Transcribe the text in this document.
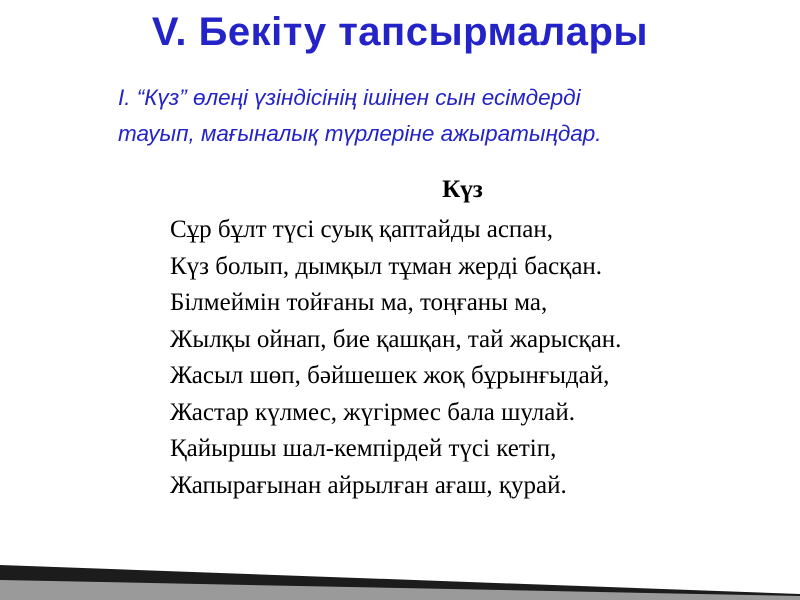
V. Бекіту тапсырмалары
I. “Күз” өлеңі үзіндісінің ішінен сын есімдерді
тауып, мағыналық түрлеріне ажыратыңдар.
Күз
Сұр бұлт түсі суық қаптайды аспан,
Күз болып, дымқыл тұман жерді басқан.
Білмеймін тойғаны ма, тоңғаны ма,
Жылқы ойнап, бие қашқан, тай жарысқан.
Жасыл шөп, бәйшешек жоқ бұрынғыдай,
Жастар күлмес, жүгірмес бала шулай.
Қайыршы шал-кемпірдей түсі кетіп,
Жапырағынан айрылған ағаш, қурай.
